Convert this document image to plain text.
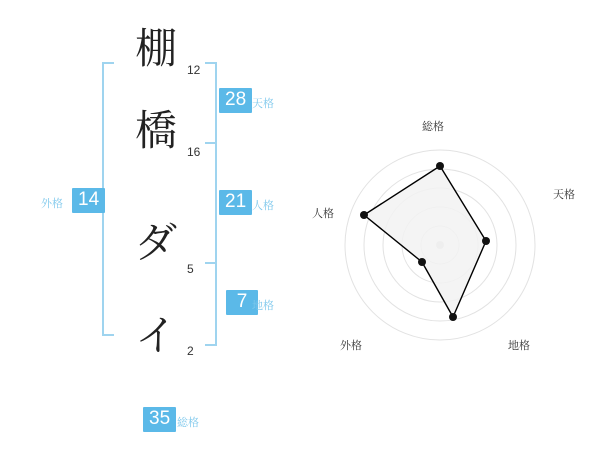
棚
橋
ダ
イ
12
16
5
2
28 天格
21 人格
7 地格
14
外格
35 総格
総格
天格
地格
外格
人格
